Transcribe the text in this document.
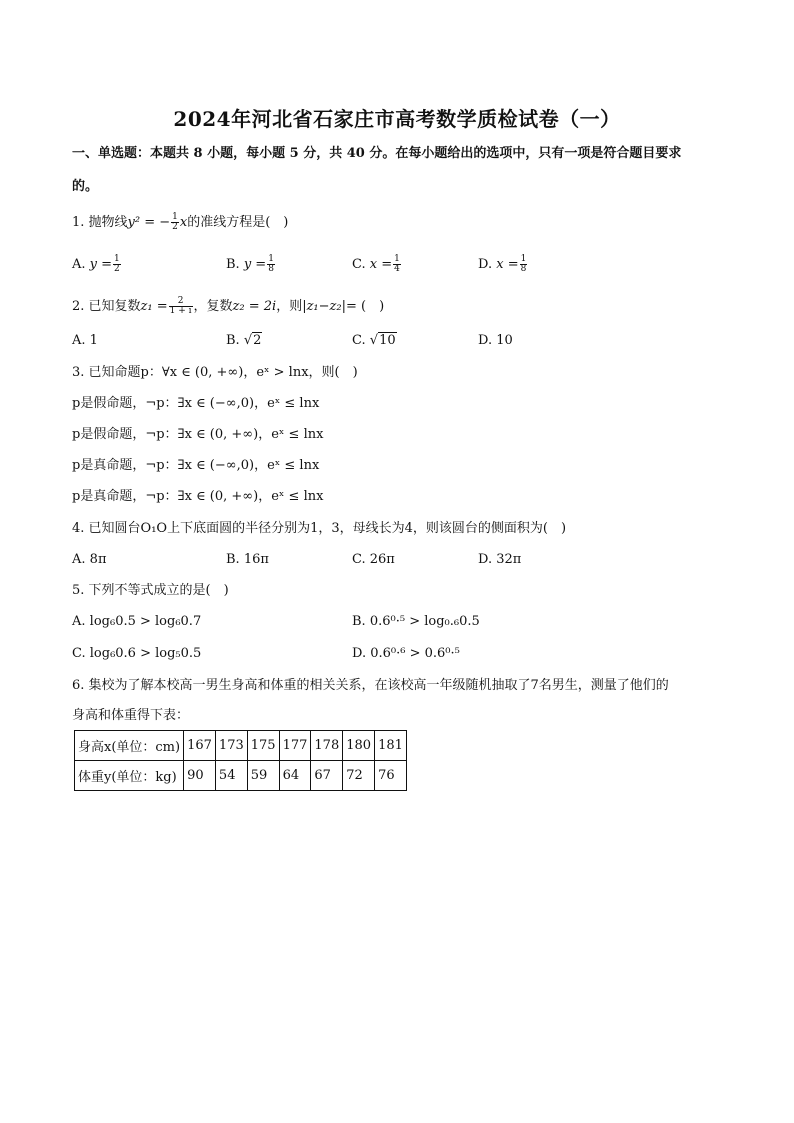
2024年河北省石家庄市高考数学质检试卷（一）
一、单选题：本题共 8 小题，每小题 5 分，共 40 分。在每小题给出的选项中，只有一项是符合题目要求
的。
1. 抛物线y² = − $\frac{1}{2}$ x的准线方程是(　)
A. $y = \frac{1}{2}$	B. $y = \frac{1}{8}$	C. $x = \frac{1}{4}$	D. $x = \frac{1}{8}$
2. 已知复数$z_1 = \frac{2}{1 + i}$ ，复数z₂ = 2i，则|z₁−z₂|= (　)
A. 1	B. √2	C. √10	D. 10
3. 已知命题p：∀x ∈ (0, +∞)，eˣ > lnx，则(　)
p是假命题，¬p：∃x ∈ (−∞,0)，eˣ ≤ lnx
p是假命题，¬p：∃x ∈ (0, +∞)，eˣ ≤ lnx
p是真命题，¬p：∃x ∈ (−∞,0)，eˣ ≤ lnx
p是真命题，¬p：∃x ∈ (0, +∞)，eˣ ≤ lnx
4. 已知圆台O₁O上下底面圆的半径分别为1，3，母线长为4，则该圆台的侧面积为(　)
A. 8π	B. 16π	C. 26π	D. 32π
5. 下列不等式成立的是(　)
A. log₆0.5 > log₆0.7	B. 0.6⁰·⁵ > log₀.₆0.5
C. log₆0.6 > log₅0.5	D. 0.6⁰·⁶ > 0.6⁰·⁵
6. 集校为了解本校高一男生身高和体重的相关关系，在该校高一年级随机抽取了7名男生，测量了他们的
身高和体重得下表：
身高x(单位：cm)	167	173	175	177	178	180	181
体重y(单位：kg)	90	54	59	64	67	72	76
